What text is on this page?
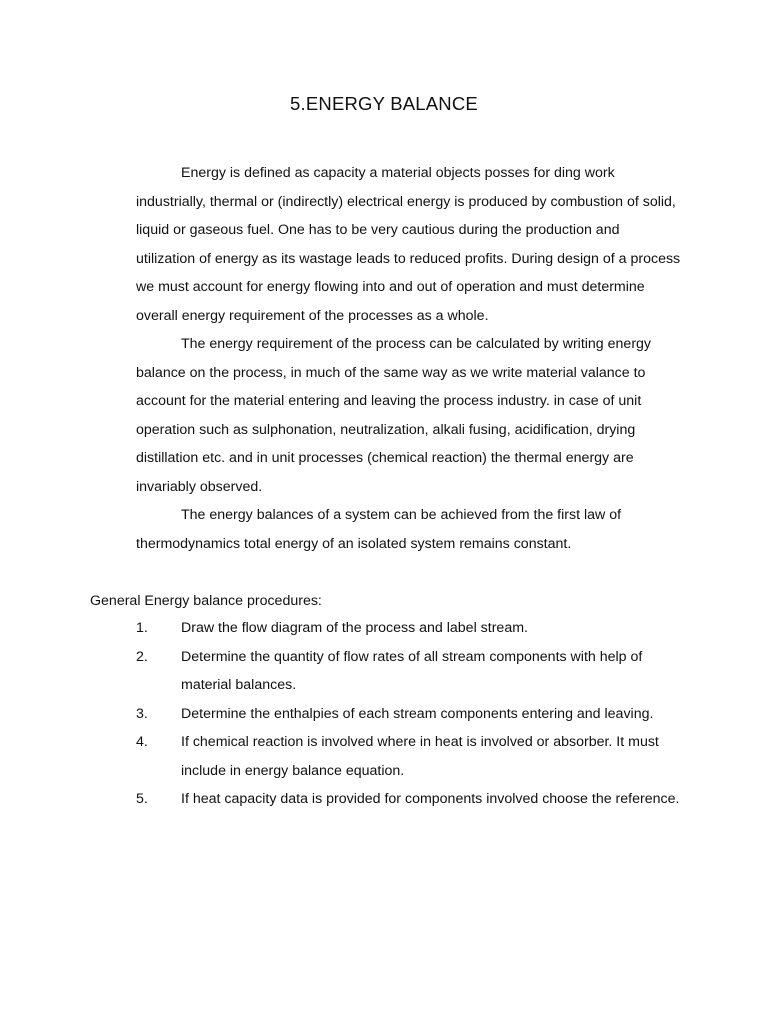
5.ENERGY BALANCE

Energy is defined as capacity a material objects posses for ding work industrially, thermal or (indirectly) electrical energy is produced by combustion of solid, liquid or gaseous fuel. One has to be very cautious during the production and utilization of energy as its wastage leads to reduced profits. During design of a process we must account for energy flowing into and out of operation and must determine overall energy requirement of the processes as a whole.

The energy requirement of the process can be calculated by writing energy balance on the process, in much of the same way as we write material valance to account for the material entering and leaving the process industry. in case of unit operation such as sulphonation, neutralization, alkali fusing, acidification, drying distillation etc. and in unit processes (chemical reaction) the thermal energy are invariably observed.

The energy balances of a system can be achieved from the first law of thermodynamics total energy of an isolated system remains constant.

General Energy balance procedures:
1.	Draw the flow diagram of the process and label stream.
2.	Determine the quantity of flow rates of all stream components with help of material balances.
3.	Determine the enthalpies of each stream components entering and leaving.
4.	If chemical reaction is involved where in heat is involved or absorber. It must include in energy balance equation.
5.	If heat capacity data is provided for components involved choose the reference.
